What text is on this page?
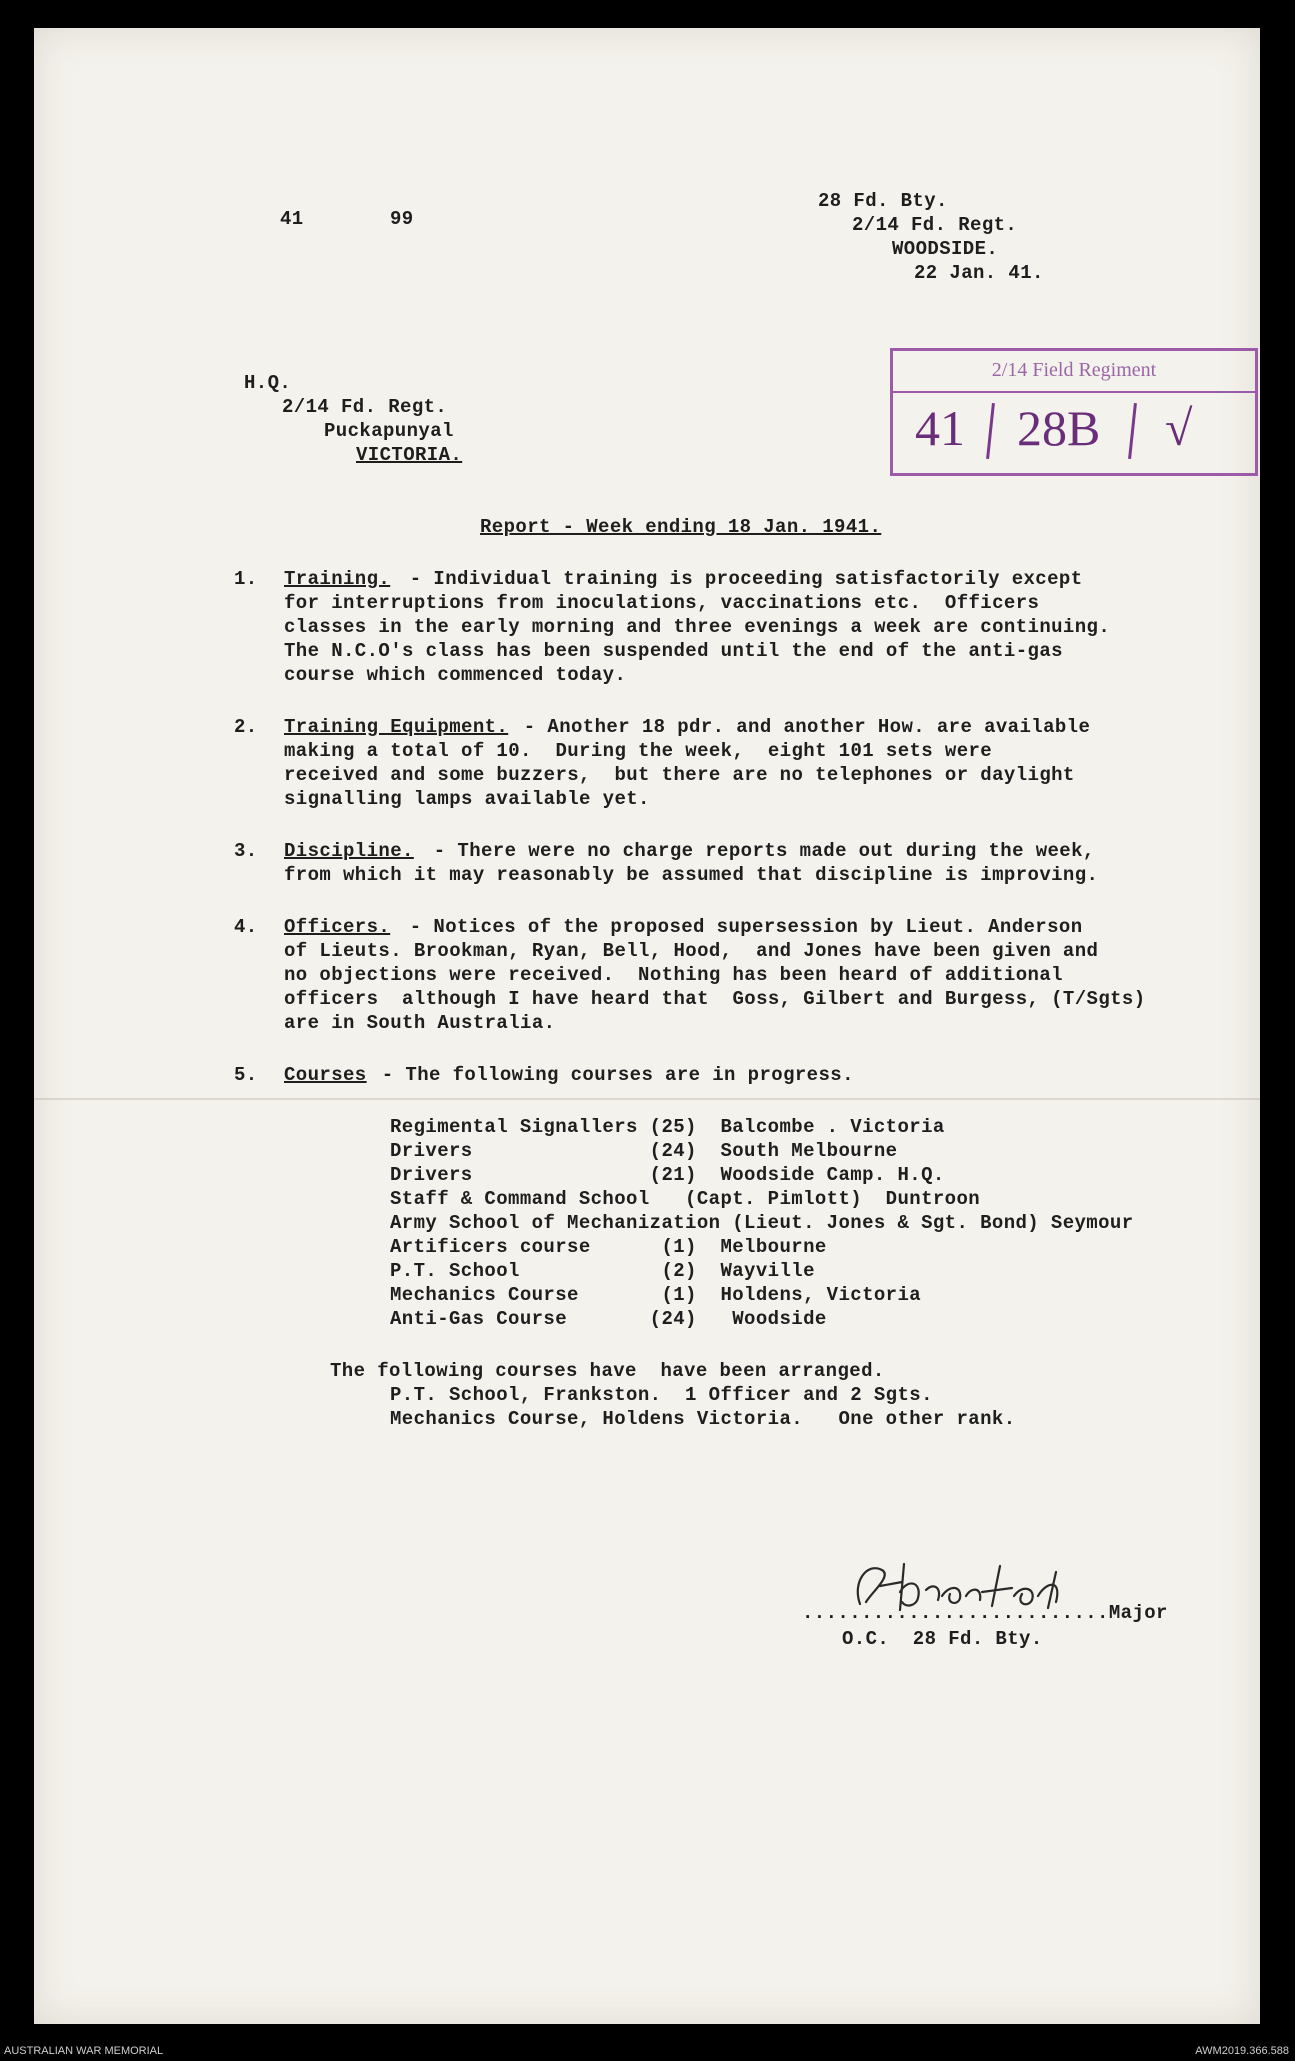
41	99
28 Fd. Bty.
2/14 Fd. Regt.
WOODSIDE.
22 Jan. 41.
2/14 Field Regiment
41 28B √
H.Q.
2/14 Fd. Regt.
Puckapunyal
VICTORIA.
Report - Week ending 18 Jan. 1941.
1. Training. - Individual training is proceeding satisfactorily except
for interruptions from inoculations, vaccinations etc.  Officers
classes in the early morning and three evenings a week are continuing.
The N.C.O's class has been suspended until the end of the anti-gas
course which commenced today.
2. Training Equipment. - Another 18 pdr. and another How. are available
making a total of 10.  During the week,  eight 101 sets were
received and some buzzers,  but there are no telephones or daylight
signalling lamps available yet.
3. Discipline. - There were no charge reports made out during the week,
from which it may reasonably be assumed that discipline is improving.
4. Officers. - Notices of the proposed supersession by Lieut. Anderson
of Lieuts. Brookman, Ryan, Bell, Hood,  and Jones have been given and
no objections were received.  Nothing has been heard of additional
officers  although I have heard that  Goss, Gilbert and Burgess, (T/Sgts)
are in South Australia.
5. Courses - The following courses are in progress.
Regimental Signallers (25)  Balcombe . Victoria
Drivers               (24)  South Melbourne
Drivers               (21)  Woodside Camp. H.Q.
Staff & Command School   (Capt. Pimlott)  Duntroon
Army School of Mechanization (Lieut. Jones & Sgt. Bond) Seymour
Artificers course      (1)  Melbourne
P.T. School            (2)  Wayville
Mechanics Course       (1)  Holdens, Victoria
Anti-Gas Course       (24)   Woodside
The following courses have  have been arranged.
P.T. School, Frankston.  1 Officer and 2 Sgts.
Mechanics Course, Holdens Victoria.   One other rank.
..........................Major
O.C.  28 Fd. Bty.
AUSTRALIAN WAR MEMORIAL	AWM2019.366.588
